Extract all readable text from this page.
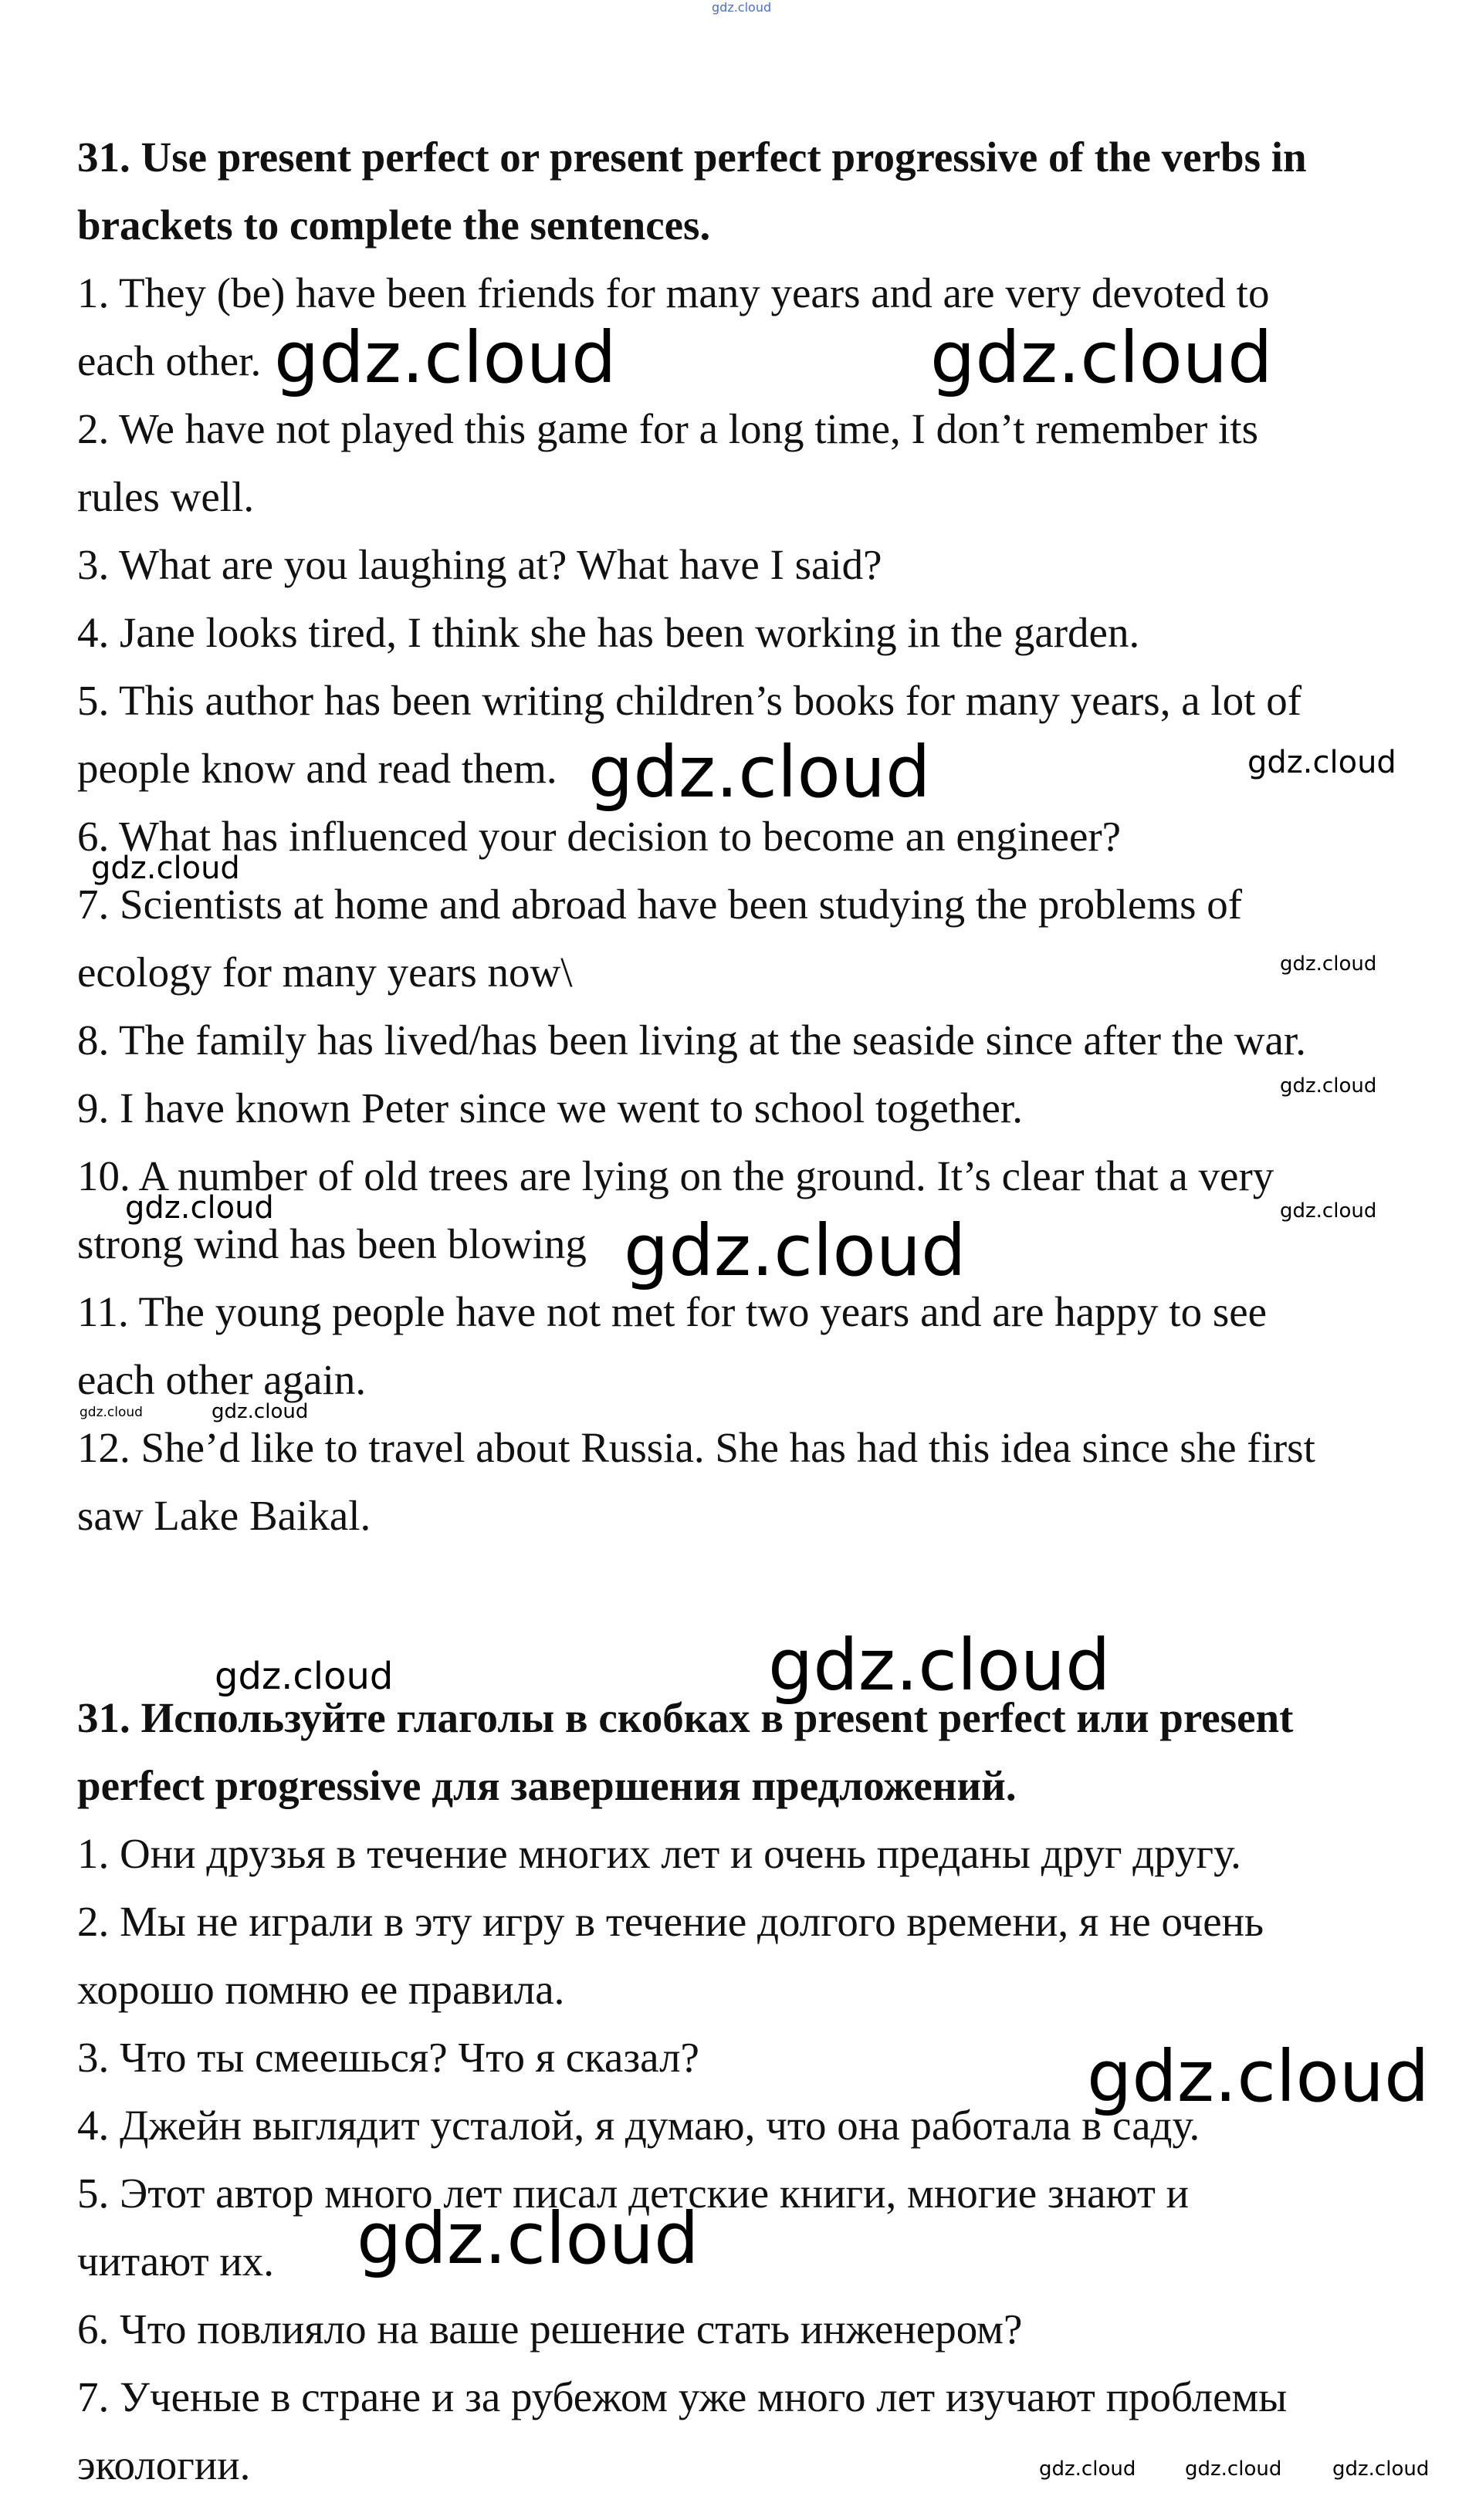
gdz.cloud

31. Use present perfect or present perfect progressive of the verbs in

brackets to complete the sentences.

1. They (be) have been friends for many years and are very devoted to

each other.

2. We have not played this game for a long time, I don’t remember its

rules well.

3. What are you laughing at? What have I said?

4. Jane looks tired, I think she has been working in the garden.

5. This author has been writing children’s books for many years, a lot of

people know and read them.

6. What has influenced your decision to become an engineer?

7. Scientists at home and abroad have been studying the problems of

ecology for many years now\

8. The family has lived/has been living at the seaside since after the war.

9. I have known Peter since we went to school together.

10. A number of old trees are lying on the ground. It’s clear that a very

strong wind has been blowing

11. The young people have not met for two years and are happy to see

each other again.

12. She’d like to travel about Russia. She has had this idea since she first

saw Lake Baikal.

31. Используйте глаголы в скобках в present perfect или present

perfect progressive для завершения предложений.

1. Они друзья в течение многих лет и очень преданы друг другу.

2. Мы не играли в эту игру в течение долгого времени, я не очень

хорошо помню ее правила.

3. Что ты смеешься? Что я сказал?

4. Джейн выглядит усталой, я думаю, что она работала в саду.

5. Этот автор много лет писал детские книги, многие знают и

читают их.

6. Что повлияло на ваше решение стать инженером?

7. Ученые в стране и за рубежом уже много лет изучают проблемы

экологии.

gdz.cloud	gdz.cloud
gdz.cloud	gdz.cloud
gdz.cloud
gdz.cloud
gdz.cloud
gdz.cloud	gdz.cloud
gdz.cloud
gdz.cloud	gdz.cloud
gdz.cloud	gdz.cloud
gdz.cloud
gdz.cloud
gdz.cloud gdz.cloud	gdz.cloud
